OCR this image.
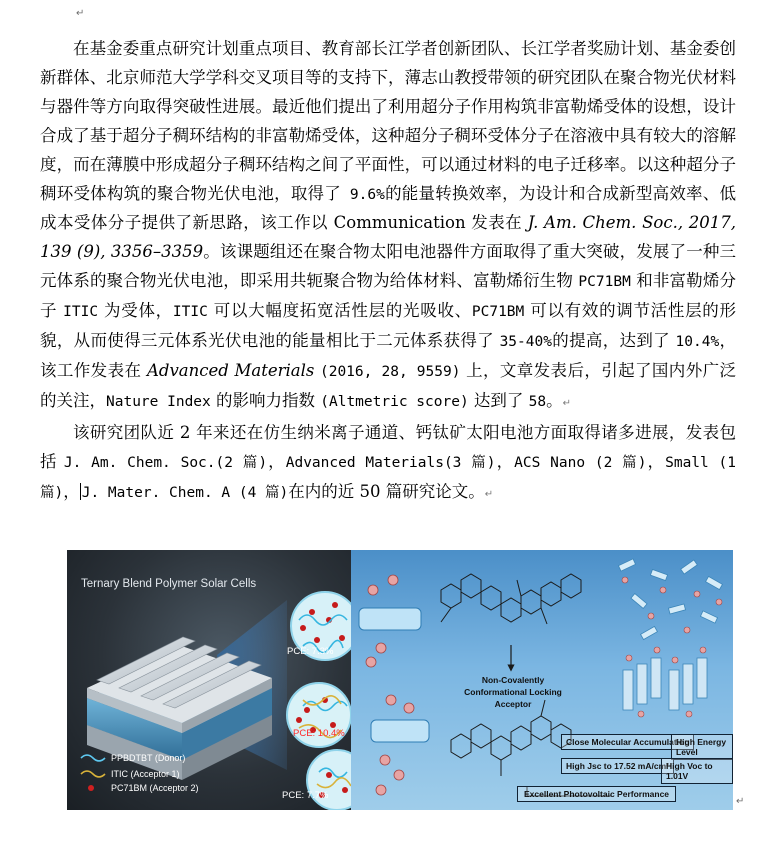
↵

在基金委重点研究计划重点项目、教育部长江学者创新团队、长江学者奖励计划、基金委创新群体、北京师范大学学科交叉项目等的支持下，薄志山教授带领的研究团队在聚合物光伏材料与器件等方向取得突破性进展。最近他们提出了利用超分子作用构筑非富勒烯受体的设想，设计合成了基于超分子稠环结构的非富勒烯受体，这种超分子稠环受体分子在溶液中具有较大的溶解度，而在薄膜中形成超分子稠环结构之间了平面性，可以通过材料的电子迁移率。以这种超分子稠环受体构筑的聚合物光伏电池，取得了 9.6%的能量转换效率，为设计和合成新型高效率、低成本受体分子提供了新思路，该工作以 Communication 发表在 J. Am. Chem. Soc., 2017, 139 (9), 3356–3359。该课题组还在聚合物太阳电池器件方面取得了重大突破，发展了一种三元体系的聚合物光伏电池，即采用共轭聚合物为给体材料、富勒烯衍生物 PC71BM 和非富勒烯分子 ITIC 为受体，ITIC 可以大幅度拓宽活性层的光吸收、PC71BM 可以有效的调节活性层的形貌，从而使得三元体系光伏电池的能量相比于二元体系获得了 35-40%的提高，达到了 10.4%，该工作发表在 Advanced Materials (2016, 28, 9559) 上，文章发表后，引起了国内外广泛的关注，Nature Index 的影响力指数 (Altmetric score) 达到了 58。↵

该研究团队近 2 年来还在仿生纳米离子通道、钙钛矿太阳电池方面取得诸多进展，发表包括 J. Am. Chem. Soc.(2 篇)，Advanced Materials(3 篇)，ACS Nano (2 篇)，Small (1 篇)， J. Mater. Chem. A (4 篇)在内的近 50 篇研究论文。↵

Ternary Blend Polymer Solar Cells
PCE: 7.3%
PCE: 10.4%
PCE: 7.7%
PPBDTBT (Donor)
ITIC (Acceptor 1)
PC71BM (Acceptor 2)
Non-Covalently Conformational Locking Acceptor
Close Molecular Accumulation
High Energy Level
High Jsc to 17.52 mA/cm²
High Voc to 1.01V
Excellent Photovoltaic Performance
↵
